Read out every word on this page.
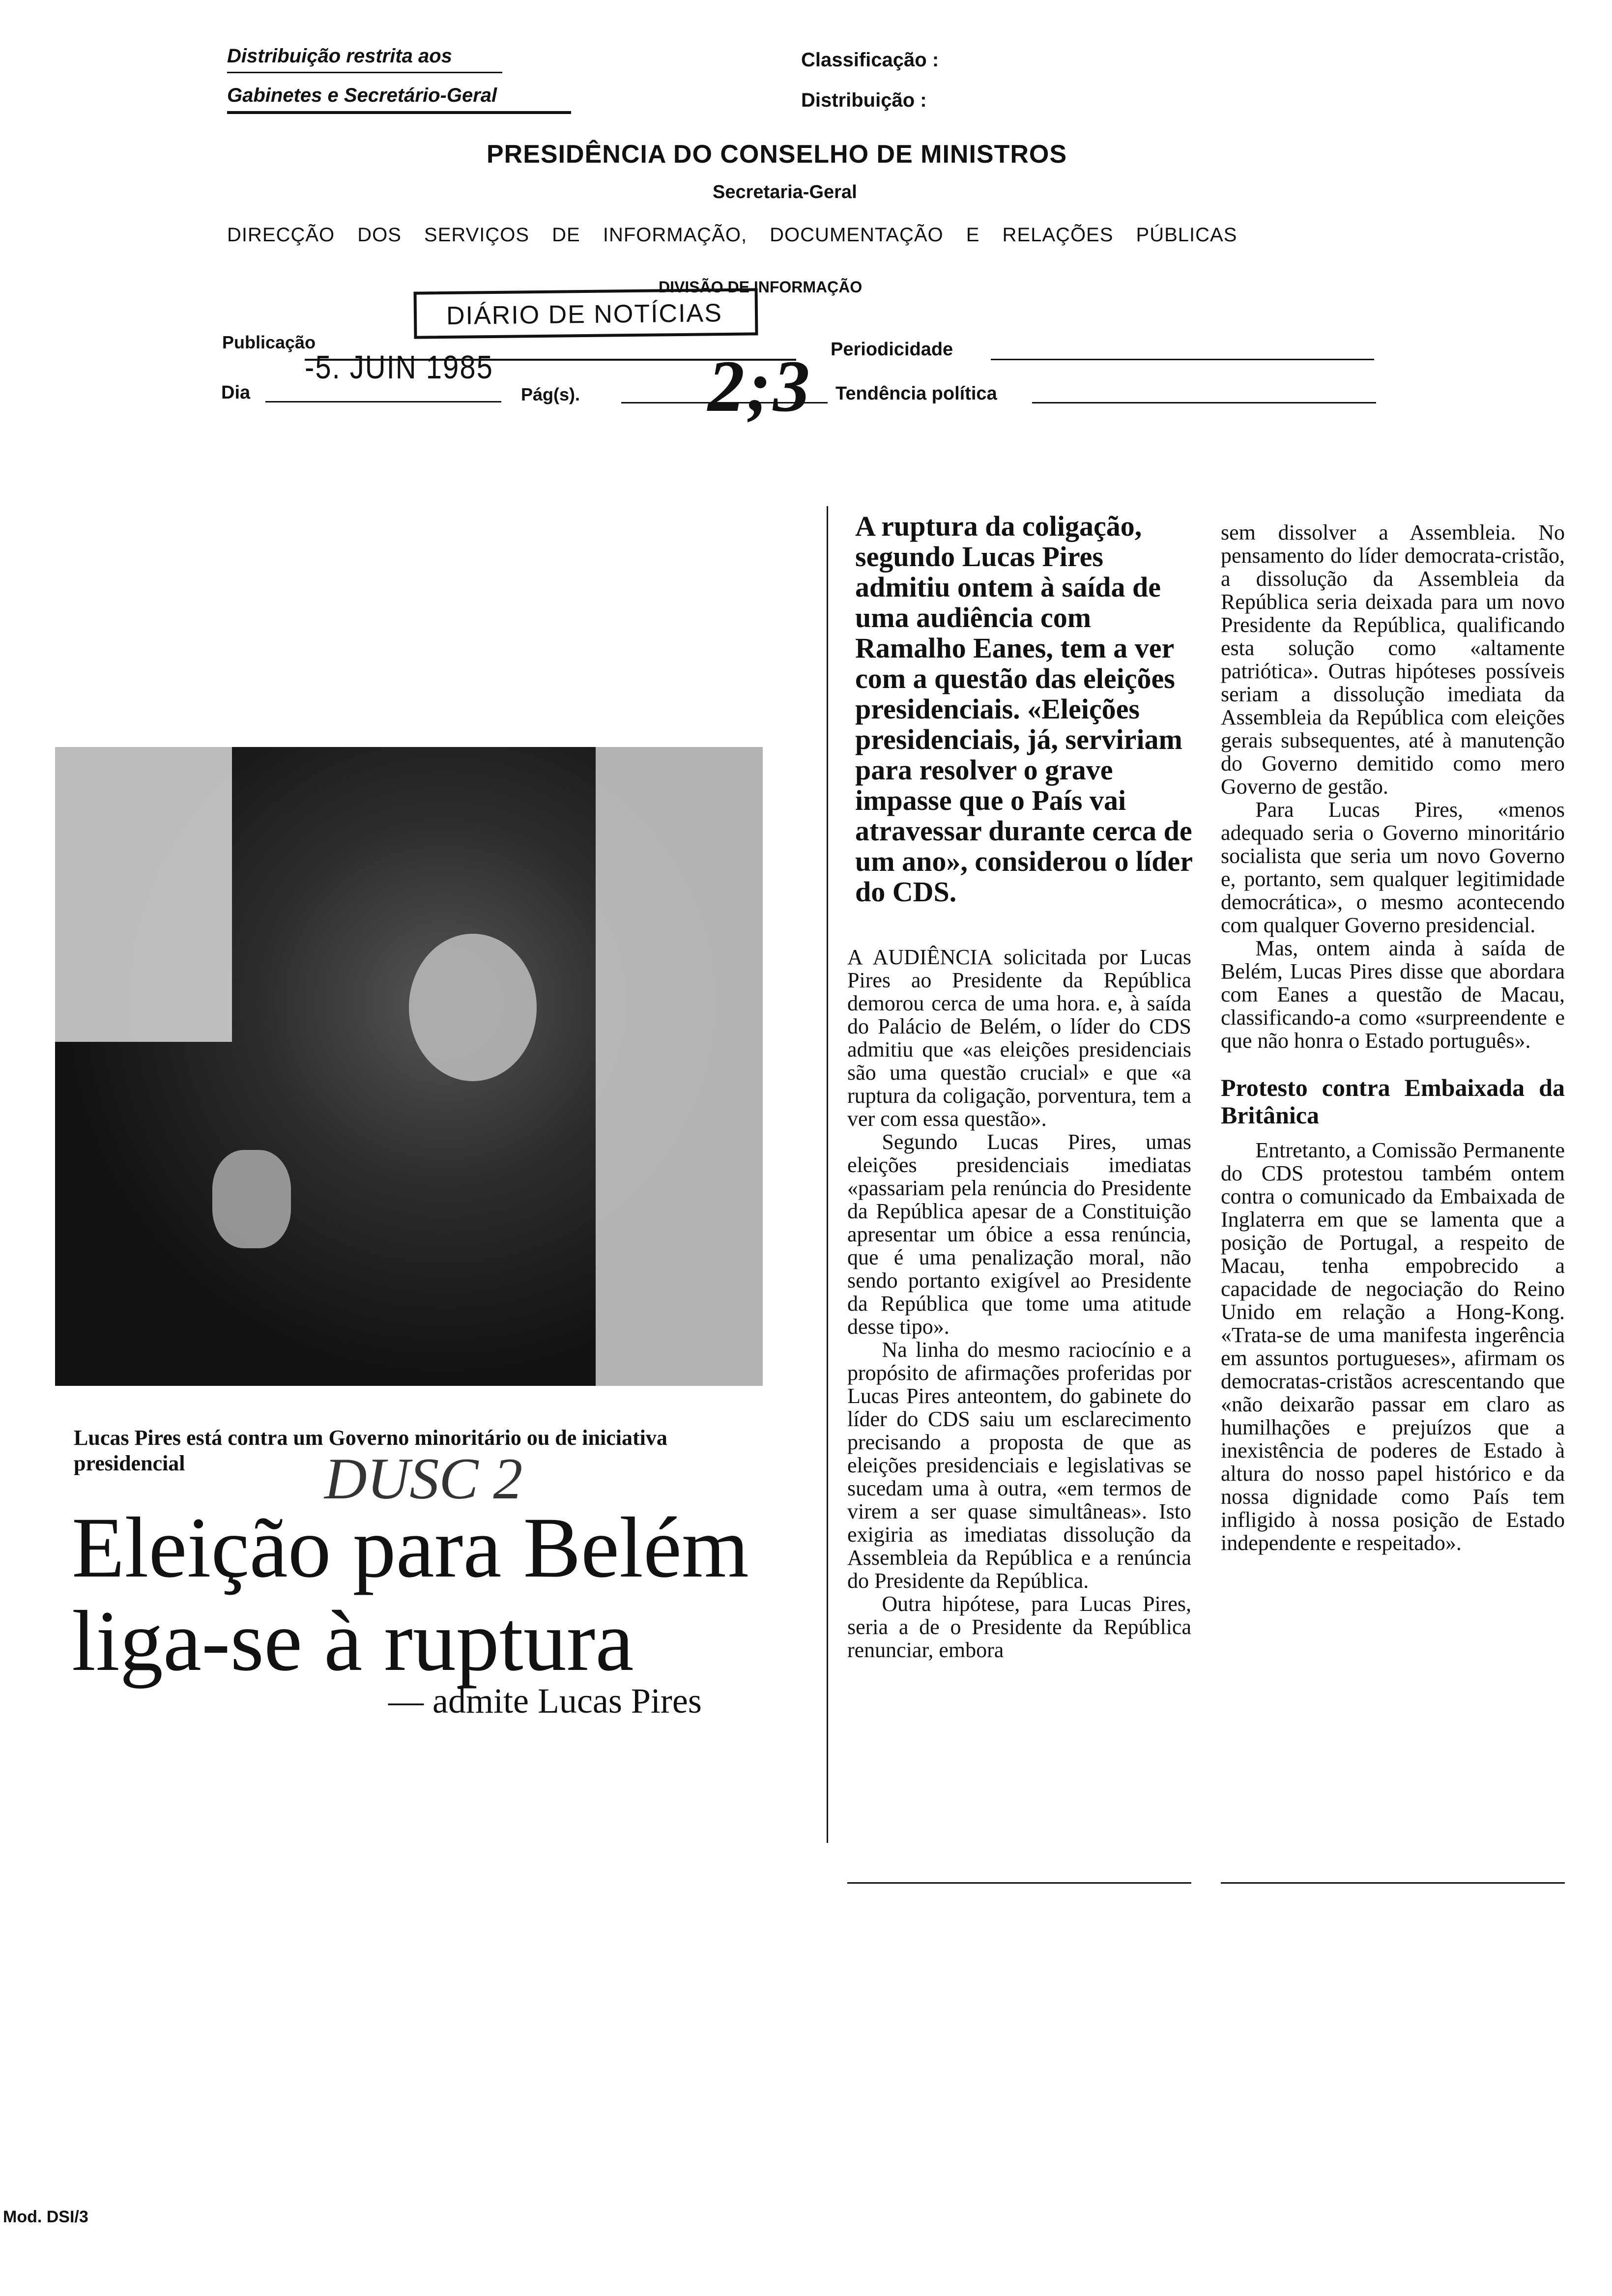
Distribuição restrita aos
Gabinetes e Secretário-Geral
Classificação :
Distribuição :
PRESIDÊNCIA DO CONSELHO DE MINISTROS
Secretaria-Geral
DIRECÇÃO DOS SERVIÇOS DE INFORMAÇÃO, DOCUMENTAÇÃO E RELAÇÕES PÚBLICAS
DIVISÃO DE INFORMAÇÃO
Publicação
DIÁRIO DE NOTÍCIAS
-5. JUIN 1985	Periodicidade
Dia	Pág(s). 2;3 Tendência política
Lucas Pires está contra um Governo minoritário ou de iniciativa presidencial
Eleição para Belém
liga-se à ruptura
— admite Lucas Pires
DUSC 2
A ruptura da coligação, segundo Lucas Pires admitiu ontem à saída de uma audiência com Ramalho Eanes, tem a ver com a questão das eleições presidenciais. «Eleições presidenciais, já, serviriam para resolver o grave impasse que o País vai atravessar durante cerca de um ano», considerou o líder do CDS.

A AUDIÊNCIA solicitada por Lucas Pires ao Presidente da República demorou cerca de uma hora. e, à saída do Palácio de Belém, o líder do CDS admitiu que «as eleições presidenciais são uma questão crucial» e que «a ruptura da coligação, porventura, tem a ver com essa questão».

Segundo Lucas Pires, umas eleições presidenciais imediatas «passariam pela renúncia do Presidente da República apesar de a Constituição apresentar um óbice a essa renúncia, que é uma penalização moral, não sendo portanto exigível ao Presidente da República que tome uma atitude desse tipo».

Na linha do mesmo raciocínio e a propósito de afirmações proferidas por Lucas Pires anteontem, do gabinete do líder do CDS saiu um esclarecimento precisando a proposta de que as eleições presidenciais e legislativas se sucedam uma à outra, «em termos de virem a ser quase simultâneas». Isto exigiria as imediatas dissolução da Assembleia da República e a renúncia do Presidente da República.

Outra hipótese, para Lucas Pires, seria a de o Presidente da República renunciar, embora

sem dissolver a Assembleia. No pensamento do líder democrata-cristão, a dissolução da Assembleia da República seria deixada para um novo Presidente da República, qualificando esta solução como «altamente patriótica». Outras hipóteses possíveis seriam a dissolução imediata da Assembleia da República com eleições gerais subsequentes, até à manutenção do Governo demitido como mero Governo de gestão.

Para Lucas Pires, «menos adequado seria o Governo minoritário socialista que seria um novo Governo e, portanto, sem qualquer legitimidade democrática», o mesmo acontecendo com qualquer Governo presidencial.

Mas, ontem ainda à saída de Belém, Lucas Pires disse que abordara com Eanes a questão de Macau, classificando-a como «surpreendente e que não honra o Estado português».

Protesto contra Embaixada da Britânica

Entretanto, a Comissão Permanente do CDS protestou também ontem contra o comunicado da Embaixada de Inglaterra em que se lamenta que a posição de Portugal, a respeito de Macau, tenha empobrecido a capacidade de negociação do Reino Unido em relação a Hong-Kong. «Trata-se de uma manifesta ingerência em assuntos portugueses», afirmam os democratas-cristãos acrescentando que «não deixarão passar em claro as humilhações e prejuízos que a inexistência de poderes de Estado à altura do nosso papel histórico e da nossa dignidade como País tem infligido à nossa posição de Estado independente e respeitado».

Mod. DSI/3
